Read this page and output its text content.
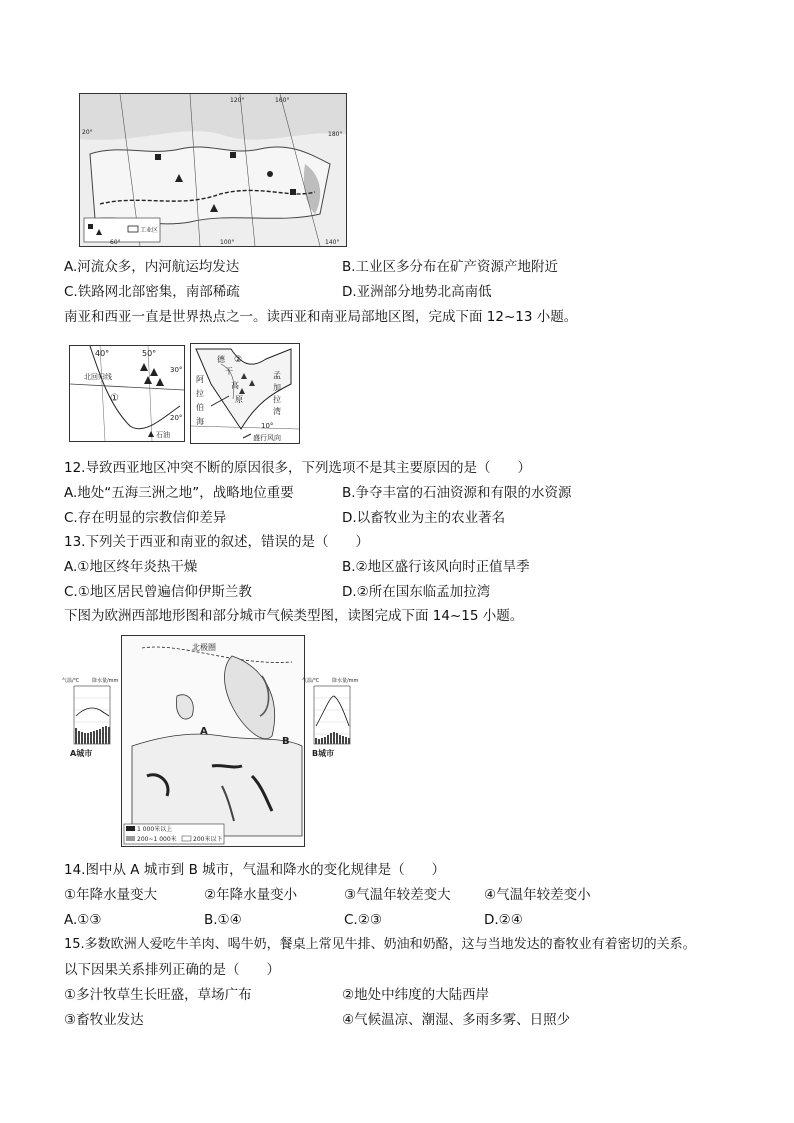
工业区
20°
60°	100°
120°
140°
180°
160°
A.河流众多，内河航运均发达	B.工业区多分布在矿产资源产地附近
C.铁路网北部密集，南部稀疏	D.亚洲部分地势北高南低
南亚和西亚一直是世界热点之一。读西亚和南亚局部地区图，完成下面 12~13 小题。
40°	50°
30°
20°
北回归线
①
石油
②
德
干
高
原
阿
拉
伯
海
孟
加
拉
湾
10°
盛行风向
12.导致西亚地区冲突不断的原因很多，下列选项不是其主要原因的是（　　）
A.地处“五海三洲之地”，战略地位重要	B.争夺丰富的石油资源和有限的水资源
C.存在明显的宗教信仰差异	D.以畜牧业为主的农业著名
13.下列关于西亚和南亚的叙述，错误的是（　　）
A.①地区终年炎热干燥	B.②地区盛行该风向时正值旱季
C.①地区居民曾遍信仰伊斯兰教	D.②所在国东临孟加拉湾
下图为欧洲西部地形图和部分城市气候类型图，读图完成下面 14~15 小题。
气温/℃	降水量/mm
A城市
北极圈
A
B
1 000米以上
200~1 000米	200米以下
气温/℃	降水量/mm
B城市
14.图中从 A 城市到 B 城市，气温和降水的变化规律是（　　）
①年降水量变大	②年降水量变小	③气温年较差变大 ④气温年较差变小
A.①③	B.①④	C.②③	D.②④
15.多数欧洲人爱吃牛羊肉、喝牛奶，餐桌上常见牛排、奶油和奶酪，这与当地发达的畜牧业有着密切的关系。
以下因果关系排列正确的是（　　）
①多汁牧草生长旺盛，草场广布	②地处中纬度的大陆西岸
③畜牧业发达	④气候温凉、潮湿、多雨多雾、日照少
